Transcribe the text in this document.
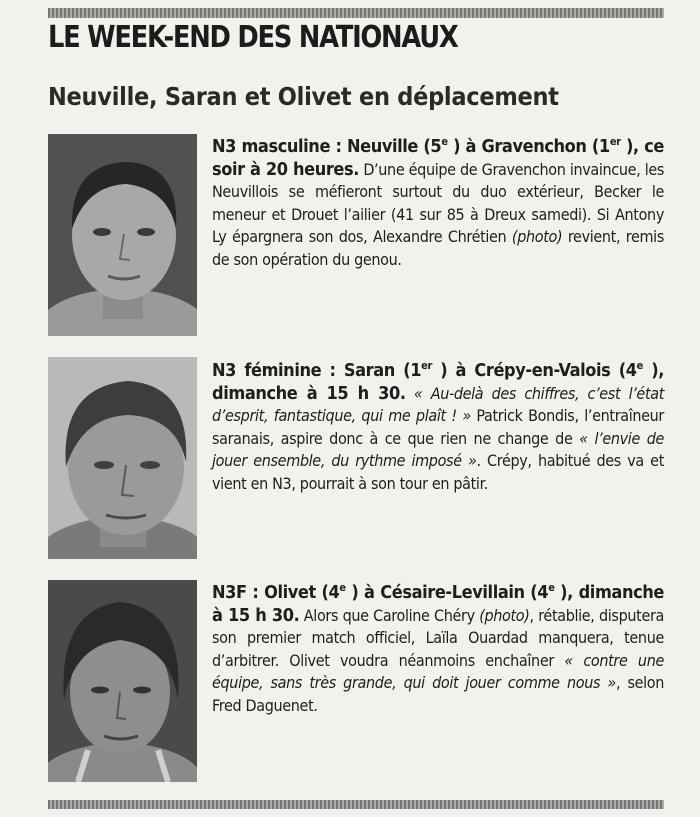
LE WEEK-END DES NATIONAUX
Neuville, Saran et Olivet en déplacement
N3 masculine : Neuville (5e ) à Gravenchon (1er ), ce soir à 20 heures. D’une équipe de Gravenchon invaincue, les Neuvillois se méfieront surtout du duo extérieur, Becker le meneur et Drouet l’ailier (41 sur 85 à Dreux samedi). Si Antony Ly épargnera son dos, Alexandre Chrétien (photo) revient, remis de son opération du genou.
N3 féminine : Saran (1er ) à Crépy-en-Valois (4e ), dimanche à 15 h 30. « Au-delà des chiffres, c’est l’état d’esprit, fantastique, qui me plaît ! » Patrick Bondis, l’entraîneur saranais, aspire donc à ce que rien ne change de « l’envie de jouer ensemble, du rythme imposé ». Crépy, habitué des va et vient en N3, pourrait à son tour en pâtir.
N3F : Olivet (4e ) à Césaire-Levillain (4e ), dimanche à 15 h 30. Alors que Caroline Chéry (photo), rétablie, disputera son premier match officiel, Laïla Ouardad manquera, tenue d’arbitrer. Olivet voudra néanmoins enchaîner « contre une équipe, sans très grande, qui doit jouer comme nous », selon Fred Daguenet.
